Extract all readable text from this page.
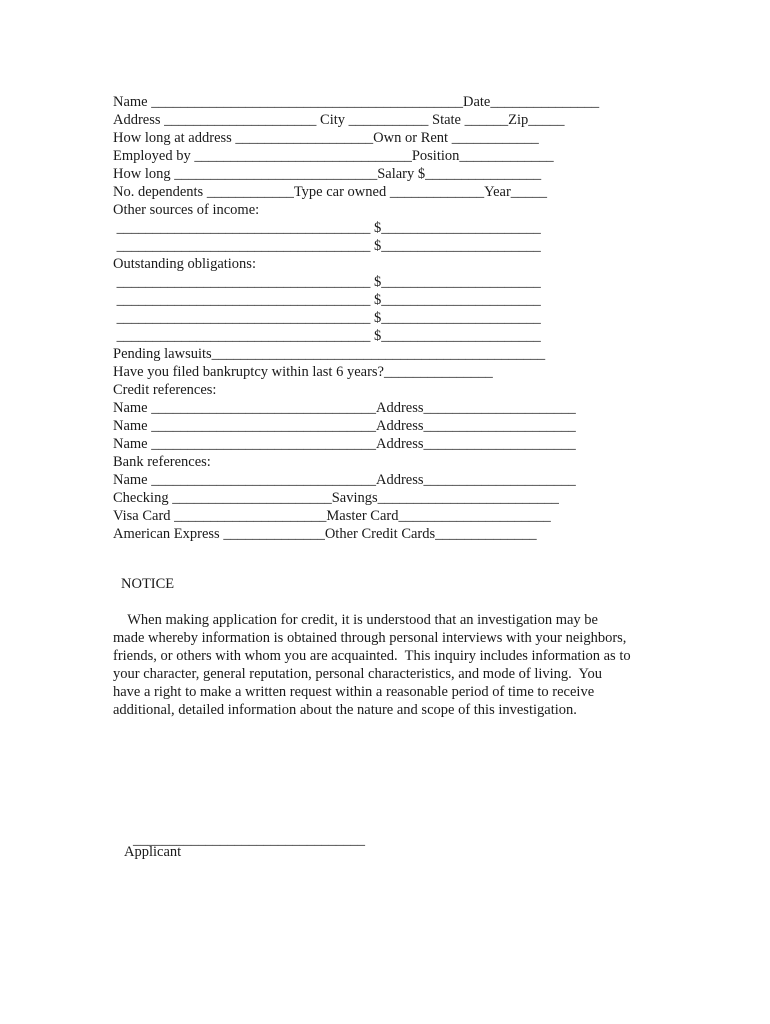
Name ___________________________________________Date_______________
Address _____________________ City ___________ State ______Zip_____
How long at address ___________________Own or Rent ____________
Employed by ______________________________Position_____________
How long ____________________________Salary $________________
No. dependents ____________Type car owned _____________Year_____
Other sources of income:
___________________________________ $______________________
___________________________________ $______________________
Outstanding obligations:
___________________________________ $______________________
___________________________________ $______________________
___________________________________ $______________________
___________________________________ $______________________
Pending lawsuits______________________________________________
Have you filed bankruptcy within last 6 years?_______________
Credit references:
Name _______________________________Address_____________________
Name _______________________________Address_____________________
Name _______________________________Address_____________________
Bank references:
Name _______________________________Address_____________________
Checking ______________________Savings_________________________
Visa Card _____________________Master Card_____________________
American Express ______________Other Credit Cards______________
NOTICE
When making application for credit, it is understood that an investigation may be
made whereby information is obtained through personal interviews with your neighbors,
friends, or others with whom you are acquainted.  This inquiry includes information as to
your character, general reputation, personal characteristics, and mode of living.  You
have a right to make a written request within a reasonable period of time to receive
additional, detailed information about the nature and scope of this investigation.
________________________________
Applicant
